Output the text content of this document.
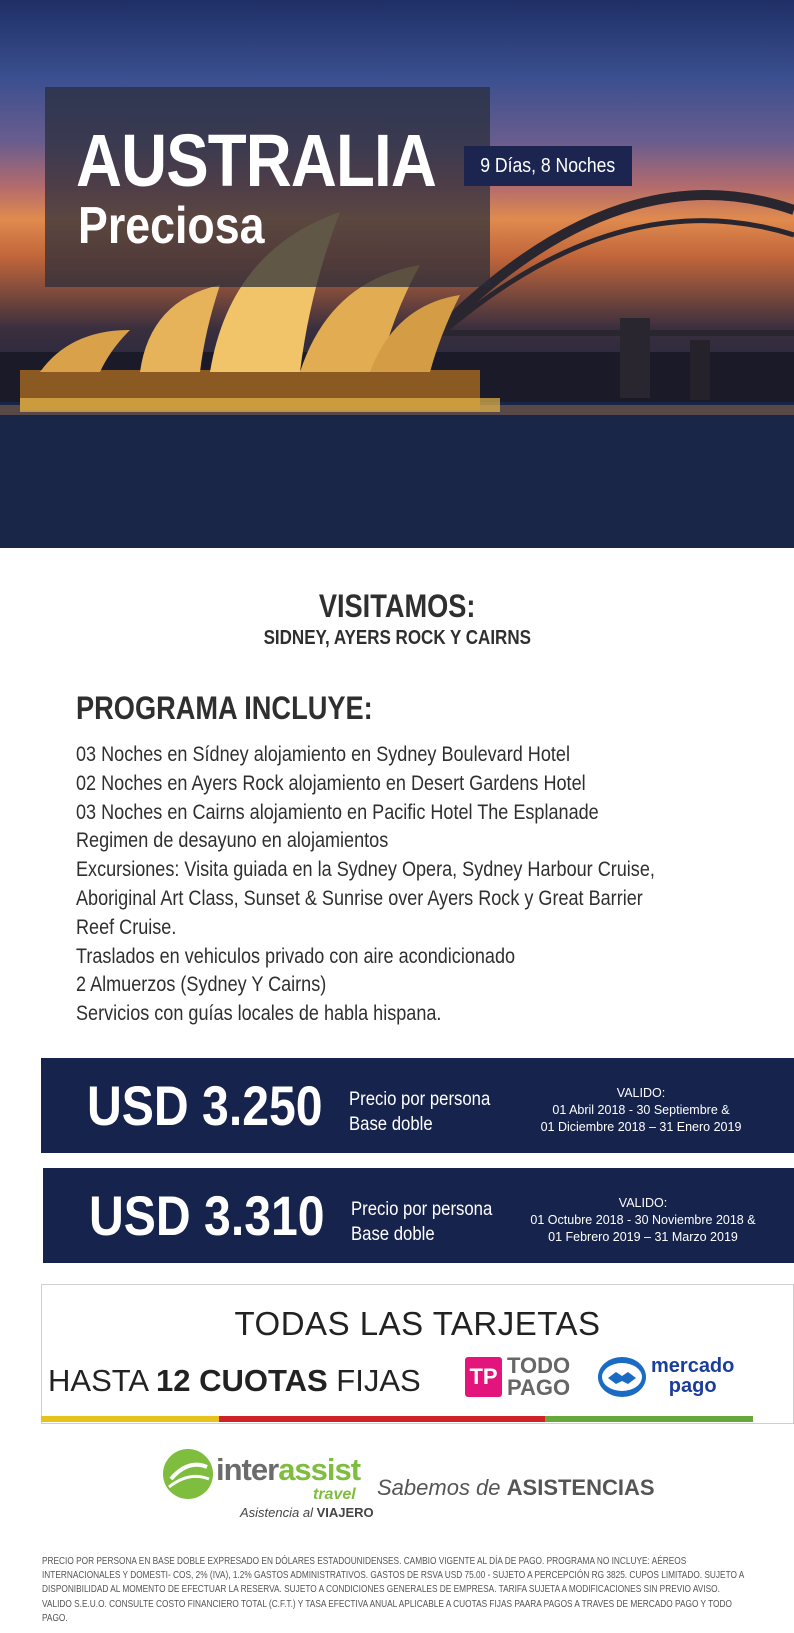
AUSTRALIA
Preciosa
9 Días, 8 Noches
VISITAMOS:
SIDNEY, AYERS ROCK Y CAIRNS
PROGRAMA INCLUYE:
03 Noches en Sídney alojamiento en Sydney Boulevard Hotel
02 Noches en Ayers Rock alojamiento en Desert Gardens Hotel
03 Noches en Cairns alojamiento en Pacific Hotel The Esplanade
Regimen de desayuno en alojamientos
Excursiones: Visita guiada en la Sydney Opera, Sydney Harbour Cruise,
Aboriginal Art Class, Sunset & Sunrise over Ayers Rock y Great Barrier
Reef Cruise.
Traslados en vehiculos privado con aire acondicionado
2 Almuerzos (Sydney Y Cairns)
Servicios con guías locales de habla hispana.
USD 3.250 Precio por persona
Base doble
VALIDO:
01 Abril 2018 - 30 Septiembre &
01 Diciembre 2018 – 31 Enero 2019
USD 3.310 Precio por persona
Base doble
VALIDO:
01 Octubre 2018 - 30 Noviembre 2018 &
01 Febrero 2019 – 31 Marzo 2019
TODAS LAS TARJETAS
HASTA 12 CUOTAS FIJAS TP TODO
PAGO
mercado
pago
interassist
travel
Asistencia al VIAJERO
Sabemos de ASISTENCIAS
PRECIO POR PERSONA EN BASE DOBLE EXPRESADO EN DÓLARES ESTADOUNIDENSES. CAMBIO VIGENTE AL DÍA DE PAGO. PROGRAMA NO INCLUYE: AÉREOS INTERNACIONALES Y DOMESTI- COS, 2% (IVA), 1.2% GASTOS ADMINISTRATIVOS. GASTOS DE RSVA USD 75.00 - SUJETO A PERCEPCIÓN RG 3825. CUPOS LIMITADO. SUJETO A DISPONIBILIDAD AL MOMENTO DE EFECTUAR LA RESERVA. SUJETO A CONDICIONES GENERALES DE EMPRESA. TARIFA SUJETA A MODIFICACIONES SIN PREVIO AVISO. VALIDO S.E.U.O. CONSULTE COSTO FINANCIERO TOTAL (C.F.T.) Y TASA EFECTIVA ANUAL APLICABLE A CUOTAS FIJAS PAARA PAGOS A TRAVES DE MERCADO PAGO Y TODO PAGO.
